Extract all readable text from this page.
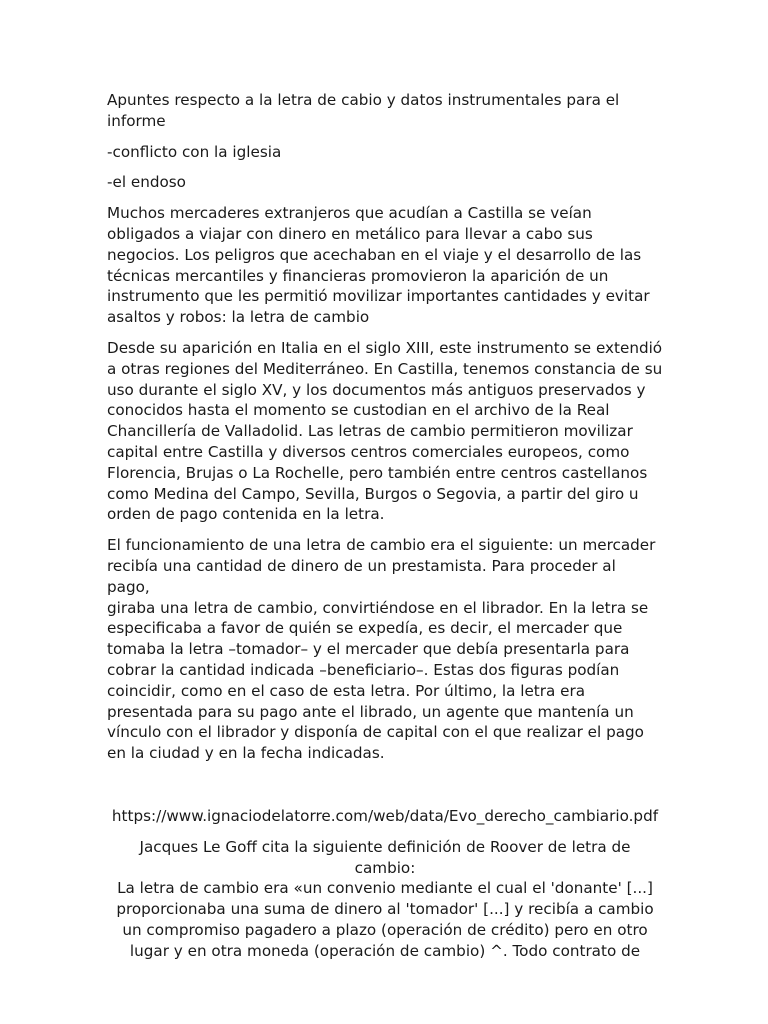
Apuntes respecto a la letra de cabio y datos instrumentales para el
informe

-conflicto con la iglesia

-el endoso

Muchos mercaderes extranjeros que acudían a Castilla se veían
obligados a viajar con dinero en metálico para llevar a cabo sus
negocios. Los peligros que acechaban en el viaje y el desarrollo de las
técnicas mercantiles y financieras promovieron la aparición de un
instrumento que les permitió movilizar importantes cantidades y evitar
asaltos y robos: la letra de cambio

Desde su aparición en Italia en el siglo XIII, este instrumento se extendió
a otras regiones del Mediterráneo. En Castilla, tenemos constancia de su
uso durante el siglo XV, y los documentos más antiguos preservados y
conocidos hasta el momento se custodian en el archivo de la Real
Chancillería de Valladolid. Las letras de cambio permitieron movilizar
capital entre Castilla y diversos centros comerciales europeos, como
Florencia, Brujas o La Rochelle, pero también entre centros castellanos
como Medina del Campo, Sevilla, Burgos o Segovia, a partir del giro u
orden de pago contenida en la letra.

El funcionamiento de una letra de cambio era el siguiente: un mercader
recibía una cantidad de dinero de un prestamista. Para proceder al pago,
giraba una letra de cambio, convirtiéndose en el librador. En la letra se
especificaba a favor de quién se expedía, es decir, el mercader que
tomaba la letra –tomador– y el mercader que debía presentarla para
cobrar la cantidad indicada –beneficiario–. Estas dos figuras podían
coincidir, como en el caso de esta letra. Por último, la letra era
presentada para su pago ante el librado, un agente que mantenía un
vínculo con el librador y disponía de capital con el que realizar el pago
en la ciudad y en la fecha indicadas.

https://www.ignaciodelatorre.com/web/data/Evo_derecho_cambiario.pdf

Jacques Le Goff cita la siguiente definición de Roover de letra de cambio:
La letra de cambio era «un convenio mediante el cual el 'donante' [...]
proporcionaba una suma de dinero al 'tomador' [...] y recibía a cambio
un compromiso pagadero a plazo (operación de crédito) pero en otro
lugar y en otra moneda (operación de cambio) ^. Todo contrato de
